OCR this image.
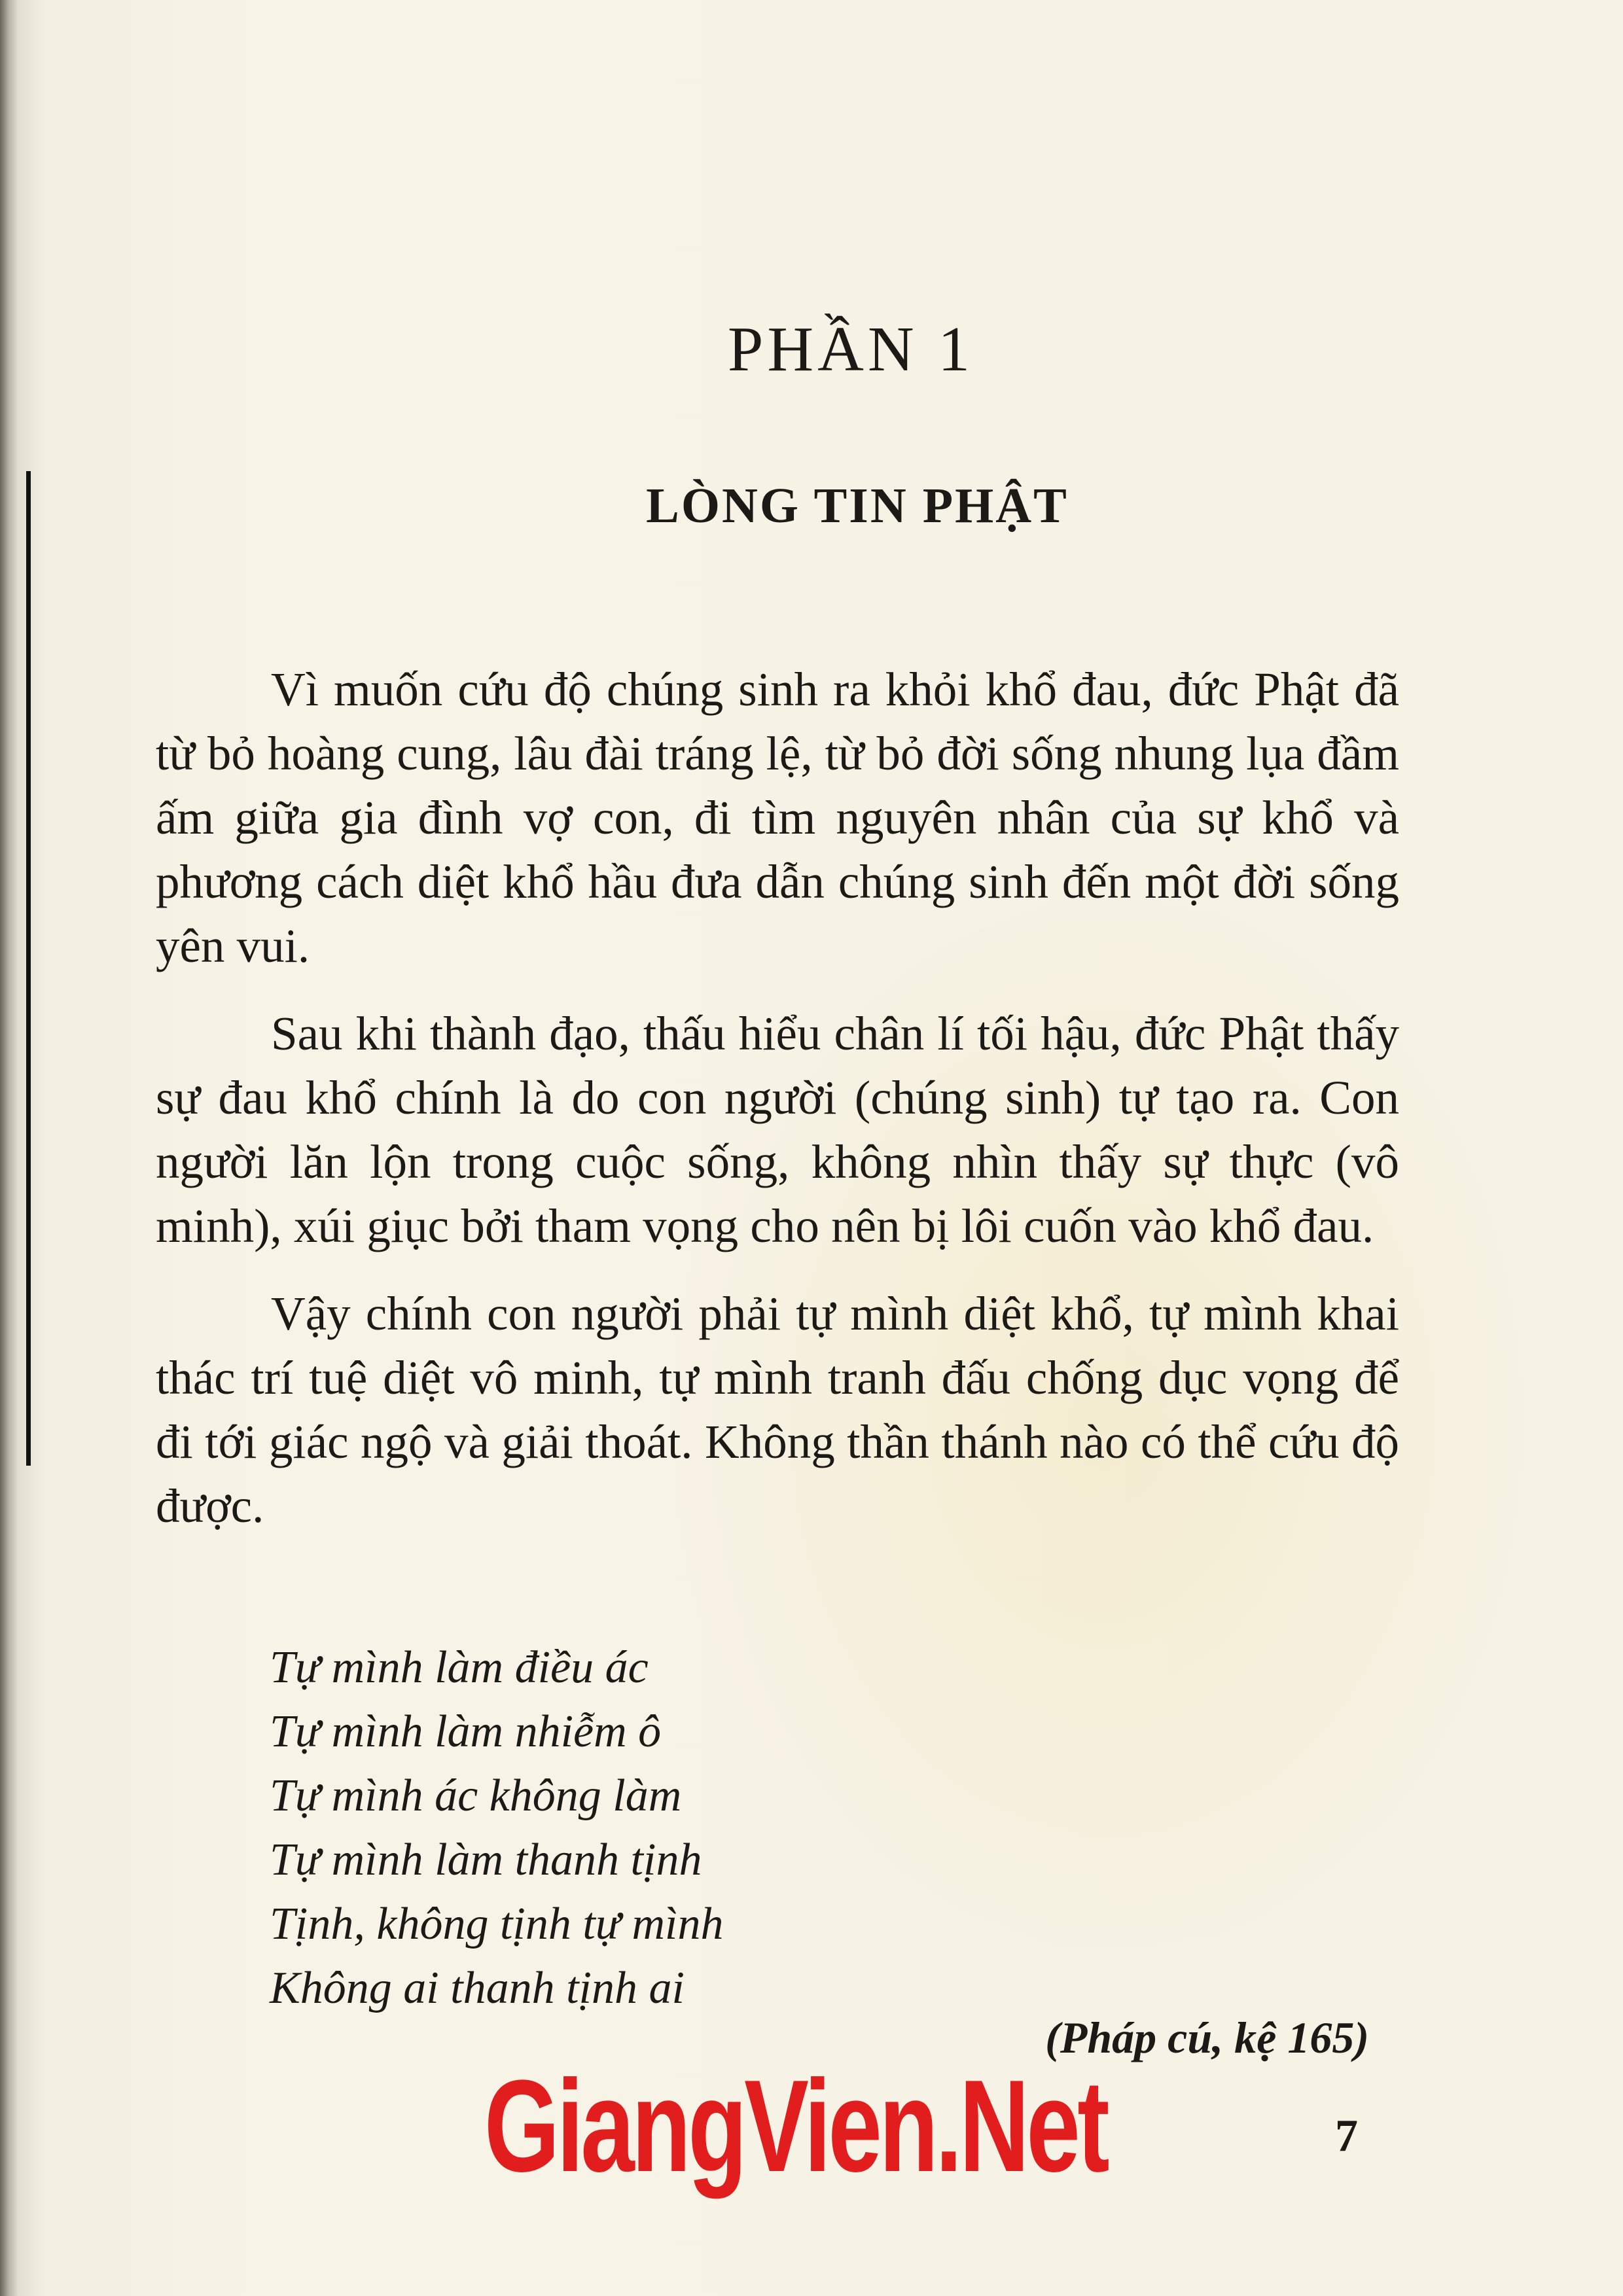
PHẦN 1
LÒNG TIN PHẬT

Vì muốn cứu độ chúng sinh ra khỏi khổ đau, đức Phật đã từ bỏ hoàng cung, lâu đài tráng lệ, từ bỏ đời sống nhung lụa đầm ấm giữa gia đình vợ con, đi tìm nguyên nhân của sự khổ và phương cách diệt khổ hầu đưa dẫn chúng sinh đến một đời sống yên vui.

Sau khi thành đạo, thấu hiểu chân lí tối hậu, đức Phật thấy sự đau khổ chính là do con người (chúng sinh) tự tạo ra. Con người lăn lộn trong cuộc sống, không nhìn thấy sự thực (vô minh), xúi giục bởi tham vọng cho nên bị lôi cuốn vào khổ đau.

Vậy chính con người phải tự mình diệt khổ, tự mình khai thác trí tuệ diệt vô minh, tự mình tranh đấu chống dục vọng để đi tới giác ngộ và giải thoát. Không thần thánh nào có thể cứu độ được.

Tự mình làm điều ác
Tự mình làm nhiễm ô
Tự mình ác không làm
Tự mình làm thanh tịnh
Tịnh, không tịnh tự mình
Không ai thanh tịnh ai
(Pháp cú, kệ 165)
GiangVien.Net	7
